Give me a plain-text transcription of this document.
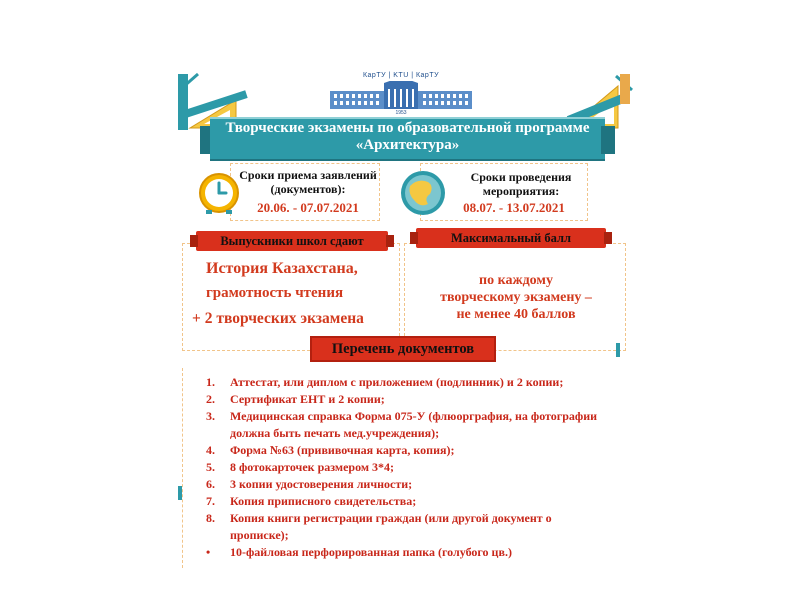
КарТУ | KTU | КарТУ
1953
Творческие экзамены по образовательной программе «Архитектура»
Сроки приема заявлений (документов):
20.06. - 07.07.2021
Сроки проведения мероприятия:
08.07. - 13.07.2021
Выпускники школ сдают
История Казахстана,
грамотность чтения
+ 2 творческих экзамена
Максимальный балл
по каждому
творческому экзамену –
не менее 40 баллов
Перечень документов
1.	Аттестат, или диплом с приложением (подлинник) и 2 копии;
2.	Сертификат ЕНТ и 2 копии;
3.	Медицинская справка Форма 075-У (флюорграфия, на фотографии должна быть печать мед.учреждения);
4.	Форма №63 (прививочная карта, копия);
5.	8 фотокарточек размером 3*4;
6.	3 копии удостоверения личности;
7.	Копия приписного свидетельства;
8.	Копия книги регистрации граждан (или другой документ о прописке);
•	10-файловая перфорированная папка (голубого цв.)
